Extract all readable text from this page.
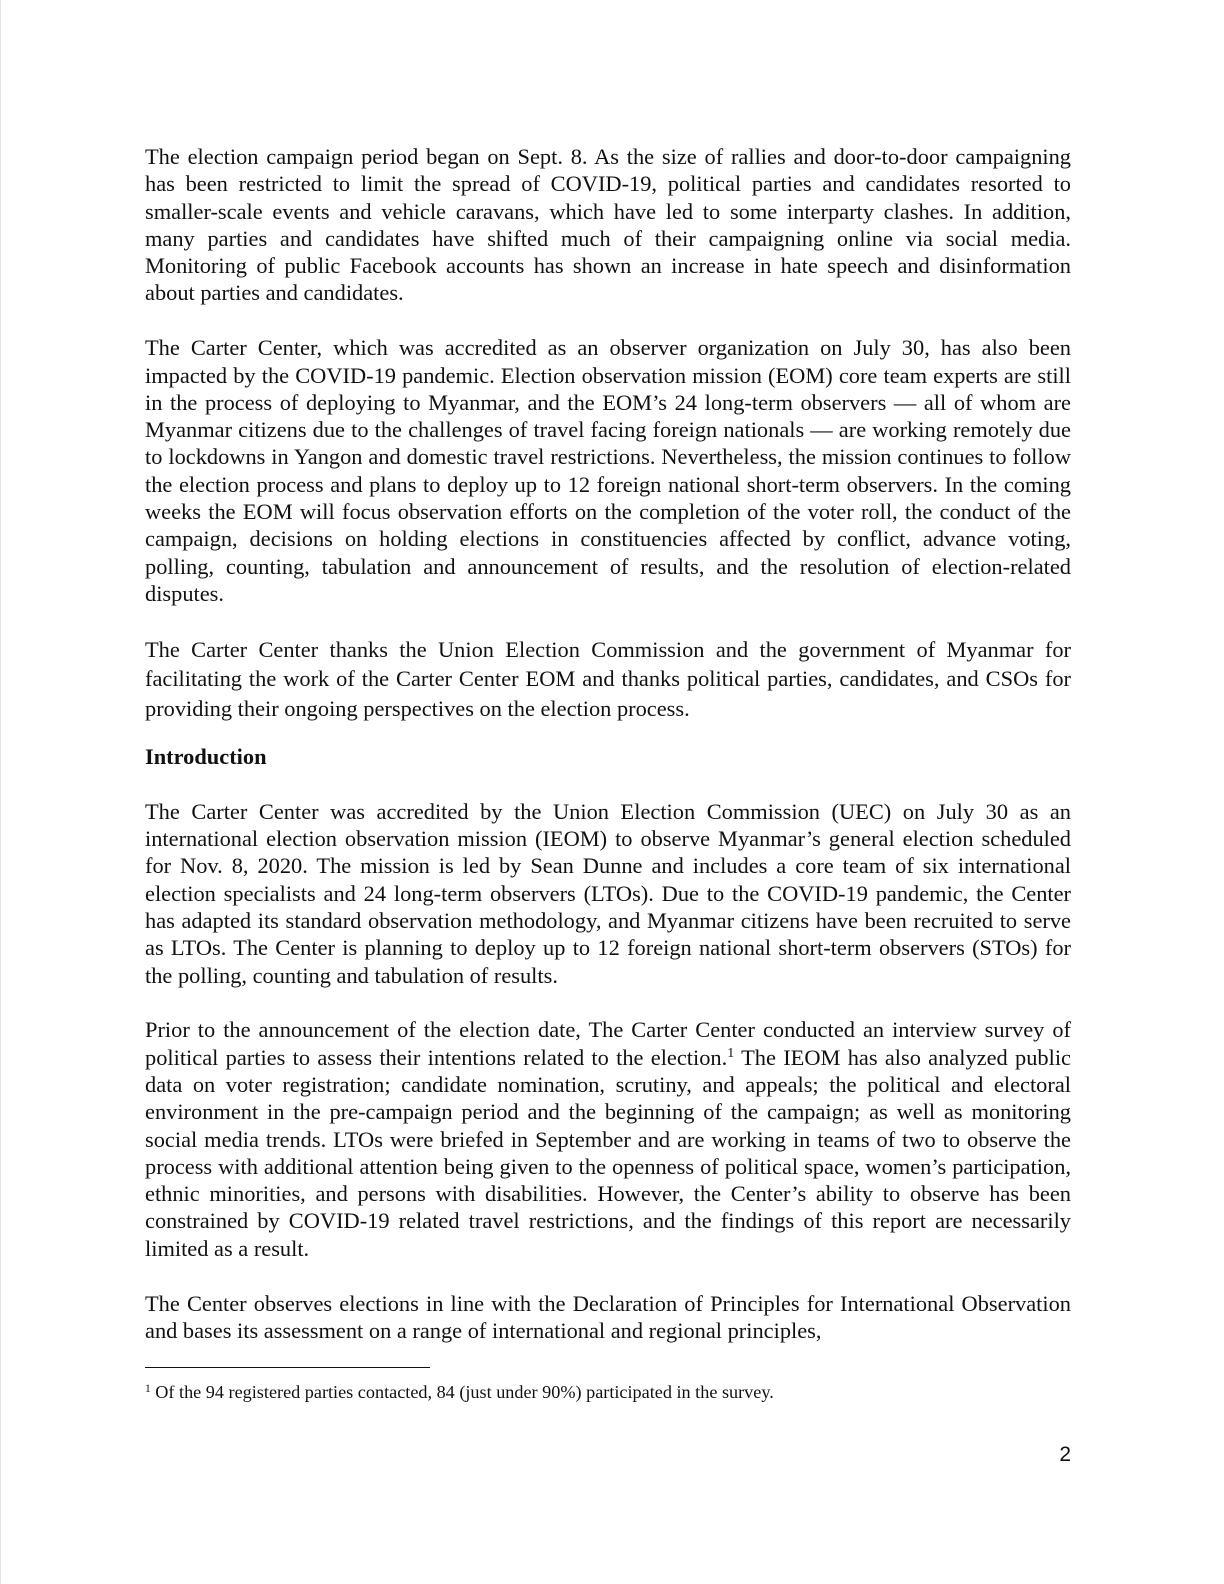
The election campaign period began on Sept. 8. As the size of rallies and door-to-door campaigning has been restricted to limit the spread of COVID-19, political parties and candidates resorted to smaller-scale events and vehicle caravans, which have led to some interparty clashes. In addition, many parties and candidates have shifted much of their campaigning online via social media. Monitoring of public Facebook accounts has shown an increase in hate speech and disinformation about parties and candidates.

The Carter Center, which was accredited as an observer organization on July 30, has also been impacted by the COVID-19 pandemic. Election observation mission (EOM) core team experts are still in the process of deploying to Myanmar, and the EOM’s 24 long-term observers — all of whom are Myanmar citizens due to the challenges of travel facing foreign nationals — are working remotely due to lockdowns in Yangon and domestic travel restrictions. Nevertheless, the mission continues to follow the election process and plans to deploy up to 12 foreign national short-term observers. In the coming weeks the EOM will focus observation efforts on the completion of the voter roll, the conduct of the campaign, decisions on holding elections in constituencies affected by conflict, advance voting, polling, counting, tabulation and announcement of results, and the resolution of election-related disputes.

The Carter Center thanks the Union Election Commission and the government of Myanmar for facilitating the work of the Carter Center EOM and thanks political parties, candidates, and CSOs for providing their ongoing perspectives on the election process.

Introduction

The Carter Center was accredited by the Union Election Commission (UEC) on July 30 as an international election observation mission (IEOM) to observe Myanmar’s general election scheduled for Nov. 8, 2020. The mission is led by Sean Dunne and includes a core team of six international election specialists and 24 long-term observers (LTOs). Due to the COVID-19 pandemic, the Center has adapted its standard observation methodology, and Myanmar citizens have been recruited to serve as LTOs. The Center is planning to deploy up to 12 foreign national short-term observers (STOs) for the polling, counting and tabulation of results.

Prior to the announcement of the election date, The Carter Center conducted an interview survey of political parties to assess their intentions related to the election.$^1$ The IEOM has also analyzed public data on voter registration; candidate nomination, scrutiny, and appeals; the political and electoral environment in the pre-campaign period and the beginning of the campaign; as well as monitoring social media trends. LTOs were briefed in September and are working in teams of two to observe the process with additional attention being given to the openness of political space, women’s participation, ethnic minorities, and persons with disabilities. However, the Center’s ability to observe has been constrained by COVID-19 related travel restrictions, and the findings of this report are necessarily limited as a result.

The Center observes elections in line with the Declaration of Principles for International Observation and bases its assessment on a range of international and regional principles,

$^1$ Of the 94 registered parties contacted, 84 (just under 90%) participated in the survey.
2
